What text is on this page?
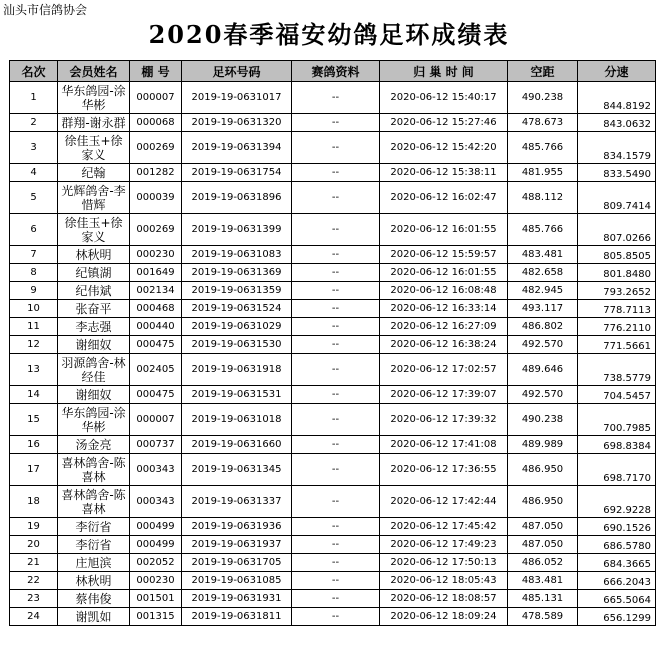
汕头市信鸽协会
2020春季福安幼鸽足环成绩表
名次	会员姓名	棚 号	足环号码	赛鸽资料	归 巢 时 间	空距	分速
1	华东鸽园-涂华彬	000007	2019-19-0631017	--	2020-06-12 15:40:17	490.238	844.8192
2	群翔-谢永群	000068	2019-19-0631320	--	2020-06-12 15:27:46	478.673	843.0632
3	徐佳玉+徐家义	000269	2019-19-0631394	--	2020-06-12 15:42:20	485.766	834.1579
4	纪翰	001282	2019-19-0631754	--	2020-06-12 15:38:11	481.955	833.5490
5	光辉鸽舍-李惜辉	000039	2019-19-0631896	--	2020-06-12 16:02:47	488.112	809.7414
6	徐佳玉+徐家义	000269	2019-19-0631399	--	2020-06-12 16:01:55	485.766	807.0266
7	林秋明	000230	2019-19-0631083	--	2020-06-12 15:59:57	483.481	805.8505
8	纪镇湖	001649	2019-19-0631369	--	2020-06-12 16:01:55	482.658	801.8480
9	纪伟斌	002134	2019-19-0631359	--	2020-06-12 16:08:48	482.945	793.2652
10	张奋平	000468	2019-19-0631524	--	2020-06-12 16:33:14	493.117	778.7113
11	李志强	000440	2019-19-0631029	--	2020-06-12 16:27:09	486.802	776.2110
12	谢细奴	000475	2019-19-0631530	--	2020-06-12 16:38:24	492.570	771.5661
13	羽源鸽舍-林经佳	002405	2019-19-0631918	--	2020-06-12 17:02:57	489.646	738.5779
14	谢细奴	000475	2019-19-0631531	--	2020-06-12 17:39:07	492.570	704.5457
15	华东鸽园-涂华彬	000007	2019-19-0631018	--	2020-06-12 17:39:32	490.238	700.7985
16	汤金亮	000737	2019-19-0631660	--	2020-06-12 17:41:08	489.989	698.8384
17	喜林鸽舍-陈喜林	000343	2019-19-0631345	--	2020-06-12 17:36:55	486.950	698.7170
18	喜林鸽舍-陈喜林	000343	2019-19-0631337	--	2020-06-12 17:42:44	486.950	692.9228
19	李衍省	000499	2019-19-0631936	--	2020-06-12 17:45:42	487.050	690.1526
20	李衍省	000499	2019-19-0631937	--	2020-06-12 17:49:23	487.050	686.5780
21	庄旭滨	002052	2019-19-0631705	--	2020-06-12 17:50:13	486.052	684.3665
22	林秋明	000230	2019-19-0631085	--	2020-06-12 18:05:43	483.481	666.2043
23	蔡伟俊	001501	2019-19-0631931	--	2020-06-12 18:08:57	485.131	665.5064
24	谢凯如	001315	2019-19-0631811	--	2020-06-12 18:09:24	478.589	656.1299
